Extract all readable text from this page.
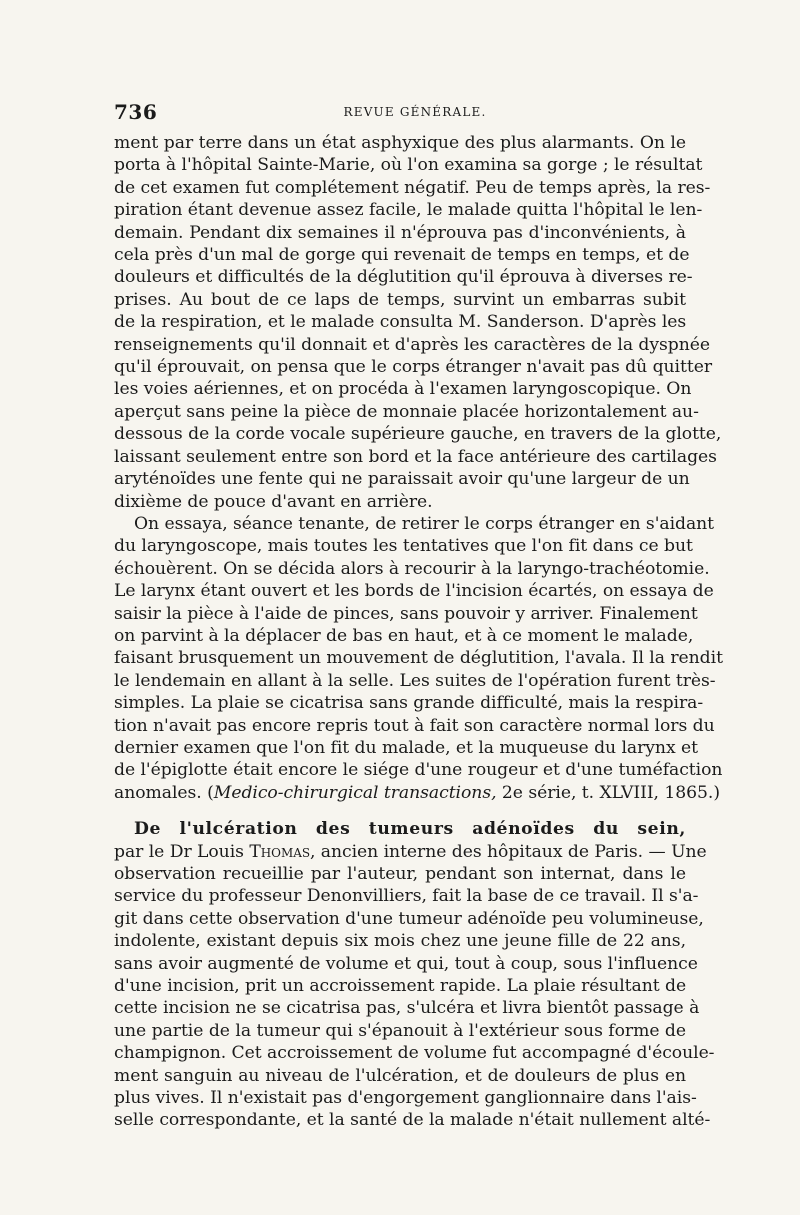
736	REVUE GÉNÉRALE.
ment par terre dans un état asphyxique des plus alarmants. On le
porta à l'hôpital Sainte-Marie, où l'on examina sa gorge ; le résultat
de cet examen fut complétement négatif. Peu de temps après, la res-
piration étant devenue assez facile, le malade quitta l'hôpital le len-
demain. Pendant dix semaines il n'éprouva pas d'inconvénients, à
cela près d'un mal de gorge qui revenait de temps en temps, et de
douleurs et difficultés de la déglutition qu'il éprouva à diverses re-
prises. Au bout de ce laps de temps, survint un embarras subit
de la respiration, et le malade consulta M. Sanderson. D'après les
renseignements qu'il donnait et d'après les caractères de la dyspnée
qu'il éprouvait, on pensa que le corps étranger n'avait pas dû quitter
les voies aériennes, et on procéda à l'examen laryngoscopique. On
aperçut sans peine la pièce de monnaie placée horizontalement au-
dessous de la corde vocale supérieure gauche, en travers de la glotte,
laissant seulement entre son bord et la face antérieure des cartilages
aryténoïdes une fente qui ne paraissait avoir qu'une largeur de un
dixième de pouce d'avant en arrière.
On essaya, séance tenante, de retirer le corps étranger en s'aidant
du laryngoscope, mais toutes les tentatives que l'on fit dans ce but
échouèrent. On se décida alors à recourir à la laryngo-trachéotomie.
Le larynx étant ouvert et les bords de l'incision écartés, on essaya de
saisir la pièce à l'aide de pinces, sans pouvoir y arriver. Finalement
on parvint à la déplacer de bas en haut, et à ce moment le malade,
faisant brusquement un mouvement de déglutition, l'avala. Il la rendit
le lendemain en allant à la selle. Les suites de l'opération furent très-
simples. La plaie se cicatrisa sans grande difficulté, mais la respira-
tion n'avait pas encore repris tout à fait son caractère normal lors du
dernier examen que l'on fit du malade, et la muqueuse du larynx et
de l'épiglotte était encore le siége d'une rougeur et d'une tuméfaction
anomales. (Medico-chirurgical transactions, 2e série, t. XLVIII, 1865.)
De l'ulcération des tumeurs adénoïdes du sein,
par le Dr Louis Thomas, ancien interne des hôpitaux de Paris. — Une
observation recueillie par l'auteur, pendant son internat, dans le
service du professeur Denonvilliers, fait la base de ce travail. Il s'a-
git dans cette observation d'une tumeur adénoïde peu volumineuse,
indolente, existant depuis six mois chez une jeune fille de 22 ans,
sans avoir augmenté de volume et qui, tout à coup, sous l'influence
d'une incision, prit un accroissement rapide. La plaie résultant de
cette incision ne se cicatrisa pas, s'ulcéra et livra bientôt passage à
une partie de la tumeur qui s'épanouit à l'extérieur sous forme de
champignon. Cet accroissement de volume fut accompagné d'écoule-
ment sanguin au niveau de l'ulcération, et de douleurs de plus en
plus vives. Il n'existait pas d'engorgement ganglionnaire dans l'ais-
selle correspondante, et la santé de la malade n'était nullement alté-
